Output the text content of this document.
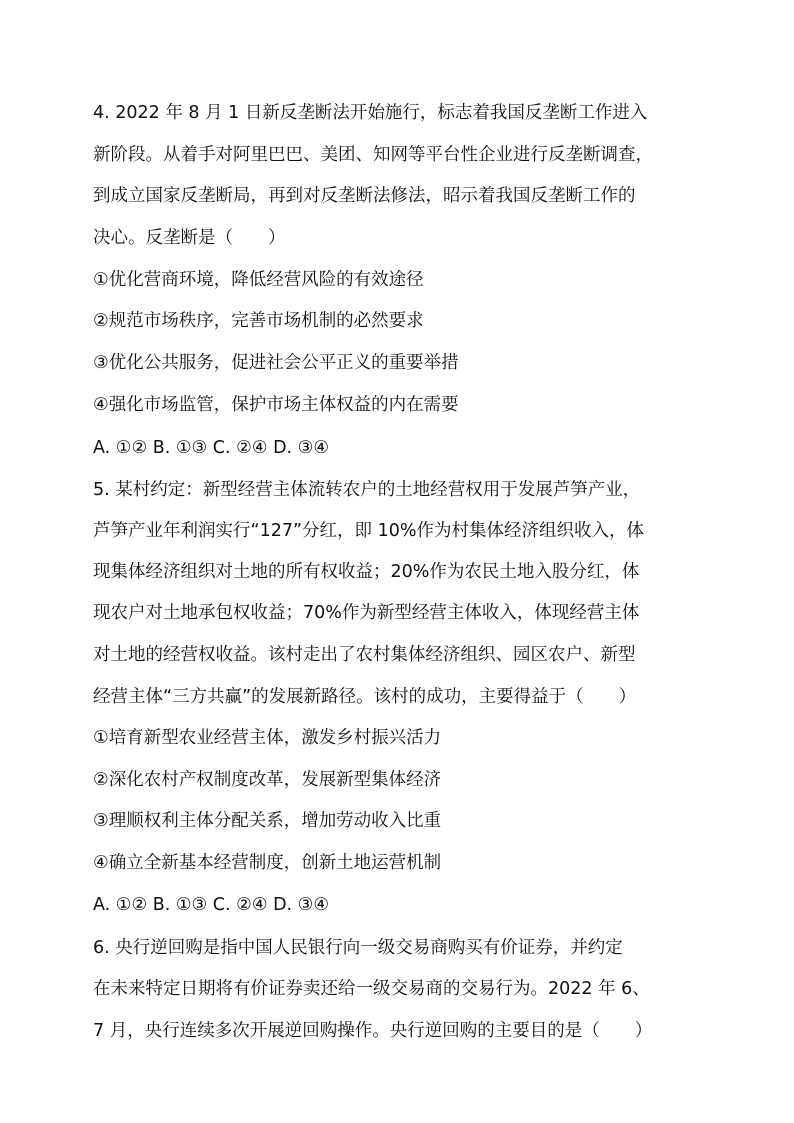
4. 2022 年 8 月 1 日新反垄断法开始施行，标志着我国反垄断工作进入
新阶段。从着手对阿里巴巴、美团、知网等平台性企业进行反垄断调查，
到成立国家反垄断局，再到对反垄断法修法，昭示着我国反垄断工作的
决心。反垄断是（　　）
①优化营商环境，降低经营风险的有效途径
②规范市场秩序，完善市场机制的必然要求
③优化公共服务，促进社会公平正义的重要举措
④强化市场监管，保护市场主体权益的内在需要
A. ①② B. ①③ C. ②④ D. ③④
5. 某村约定：新型经营主体流转农户的土地经营权用于发展芦笋产业，
芦笋产业年利润实行“127”分红，即 10%作为村集体经济组织收入，体
现集体经济组织对土地的所有权收益；20%作为农民土地入股分红，体
现农户对土地承包权收益；70%作为新型经营主体收入，体现经营主体
对土地的经营权收益。该村走出了农村集体经济组织、园区农户、新型
经营主体“三方共赢”的发展新路径。该村的成功，主要得益于（　　）
①培育新型农业经营主体，激发乡村振兴活力
②深化农村产权制度改革，发展新型集体经济
③理顺权利主体分配关系，增加劳动收入比重
④确立全新基本经营制度，创新土地运营机制
A. ①② B. ①③ C. ②④ D. ③④
6. 央行逆回购是指中国人民银行向一级交易商购买有价证券，并约定
在未来特定日期将有价证券卖还给一级交易商的交易行为。2022 年 6、
7 月，央行连续多次开展逆回购操作。央行逆回购的主要目的是（　　）
